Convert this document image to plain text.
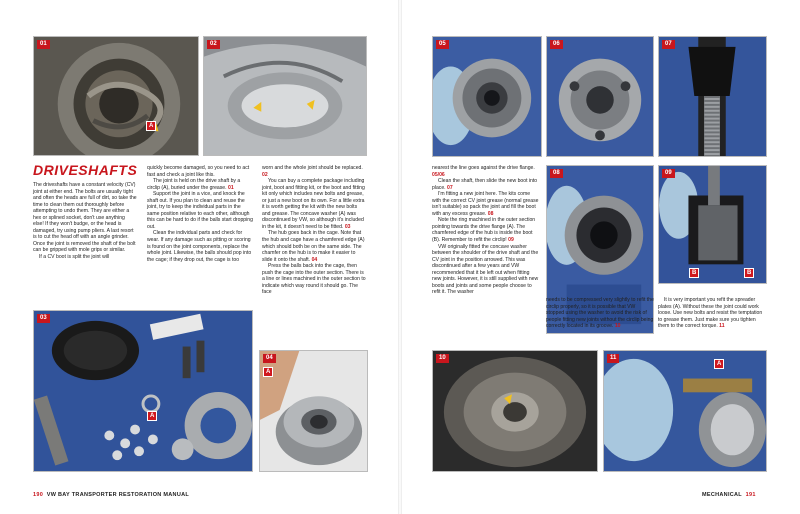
01
A
02
DRIVESHAFTS

The driveshafts have a constant velocity (CV) joint at either end. The bolts are usually tight and often the heads are full of dirt, so take the time to clean them out thoroughly before attempting to undo them. They are either a hex or splined socket, don't use anything else! If they won't budge, or the head is damaged, try using pump pliers. A last resort is to cut the head off with an angle grinder. Once the joint is removed the shaft of the bolt can be gripped with mole grips or similar.

If a CV boot is split the joint will

quickly become damaged, so you need to act fast and check a joint like this.

The joint is held on the drive shaft by a circlip (A), buried under the grease. 01

Support the joint in a vice, and knock the shaft out. If you plan to clean and reuse the joint, try to keep the individual parts in the same position relative to each other, although this can be hard to do if the balls start dropping out.

Clean the individual parts and check for wear. If any damage such as pitting or scoring is found on the joint components, replace the whole joint. Likewise, the balls should pop into the cage; if they drop out, the cage is too

worn and the whole joint should be replaced. 02

You can buy a complete package including joint, boot and fitting kit, or the boot and fitting kit only which includes new bolts and grease, or just a new boot on its own. For a little extra it is worth getting the kit with the new bolts and grease. The concave washer (A) was discontinued by VW, so although it's included in the kit, it doesn't need to be fitted. 03

The hub goes back in the cage. Note that the hub and cage have a chamfered edge (A) which should both be on the same side. The chamfer on the hub is to make it easier to slide it onto the shaft. 04

Press the balls back into the cage, then push the cage into the outer section. There is a line or lines machined in the outer section to indicate which way round it should go. The face

03
A
04
A
190 VW BAY TRANSPORTER RESTORATION MANUAL
05	06	07

nearest the line goes against the drive flange. 05/06

Clean the shaft, then slide the new boot into place. 07

I'm fitting a new joint here. The kits come with the correct CV joint grease (normal grease isn't suitable) so pack the joint and fill the boot with any excess grease. 08

Note the ring machined in the outer section pointing towards the drive flange (A). The chamfered edge of the hub is inside the boot (B). Remember to refit the circlip! 09

VW originally fitted the concave washer between the shoulder of the drive shaft and the CV joint in the position arrowed. This was discontinued after a few years and VW recommended that it be left out when fitting new joints. However, it is still supplied with new boots and joints and some people choose to refit it. The washer

08	09
B	B

needs to be compressed very slightly to refit the circlip properly, so it is possible that VW stopped using the washer to avoid the risk of people fitting new joints without the circlip being correctly located in its groove. 10

It is very important you refit the spreader plates (A). Without these the joint could work loose. Use new bolts and resist the temptation to grease them. Just make sure you tighten them to the correct torque. 11

10	11
A
MECHANICAL 191
